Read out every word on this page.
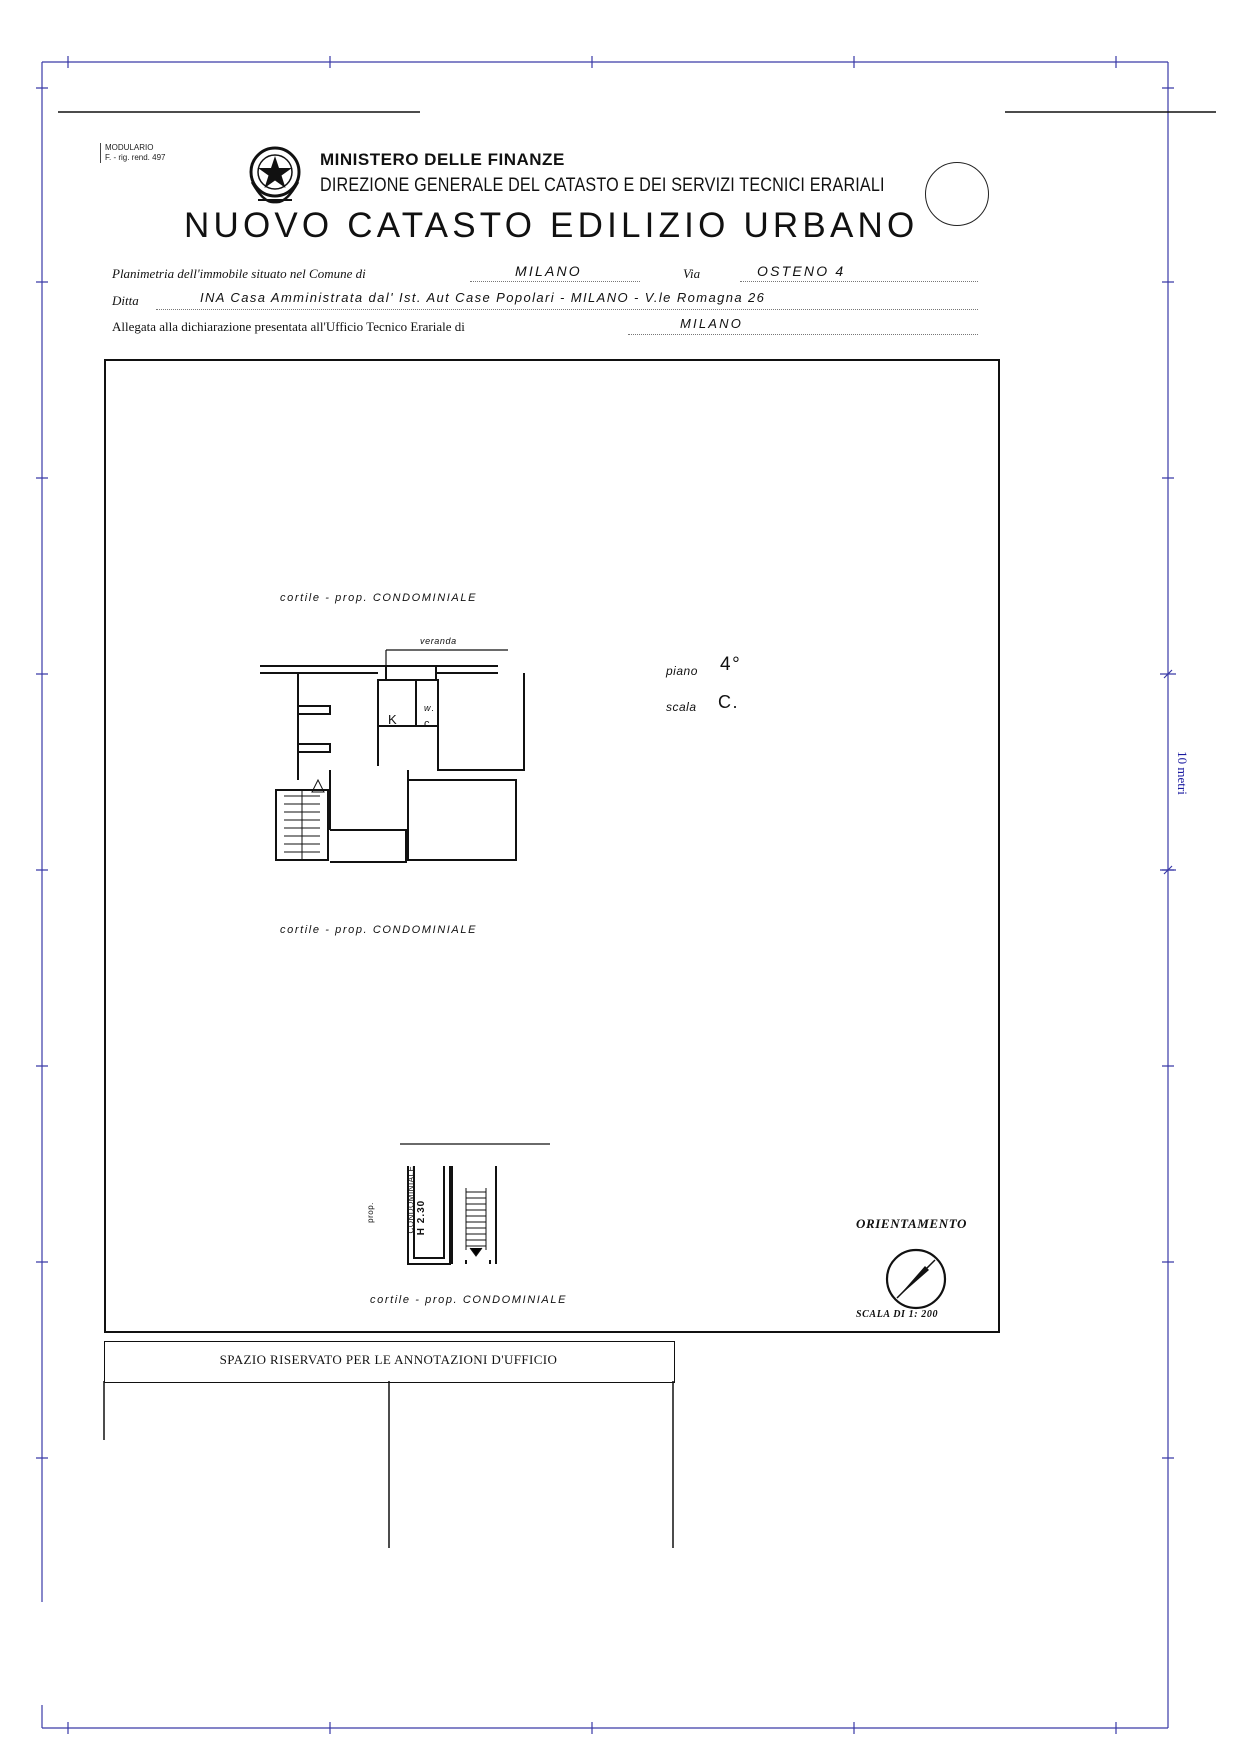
10 metri
MODULARIO
F. - rig. rend. 497	MINISTERO DELLE FINANZE
DIREZIONE GENERALE DEL CATASTO E DEI SERVIZI TECNICI ERARIALI
NUOVO CATASTO EDILIZIO URBANO
Planimetria dell'immobile situato nel Comune di	MILANO	Via	OSTENO 4
Ditta	INA Casa Amministrata dal' Ist. Aut Case Popolari - MILANO - V.le Romagna 26
Allegata alla dichiarazione presentata all'Ufficio Tecnico Erariale di	MILANO
cortile - prop. CONDOMINIALE
cortile - prop. CONDOMINIALE
cortile - prop. CONDOMINIALE
veranda
K
w.
c.
piano 4°
scala C.
prop.	CONDOMINIALE H 2.30	ORIENTAMENTO
SCALA DI 1: 200
SPAZIO RISERVATO PER LE ANNOTAZIONI D'UFFICIO
